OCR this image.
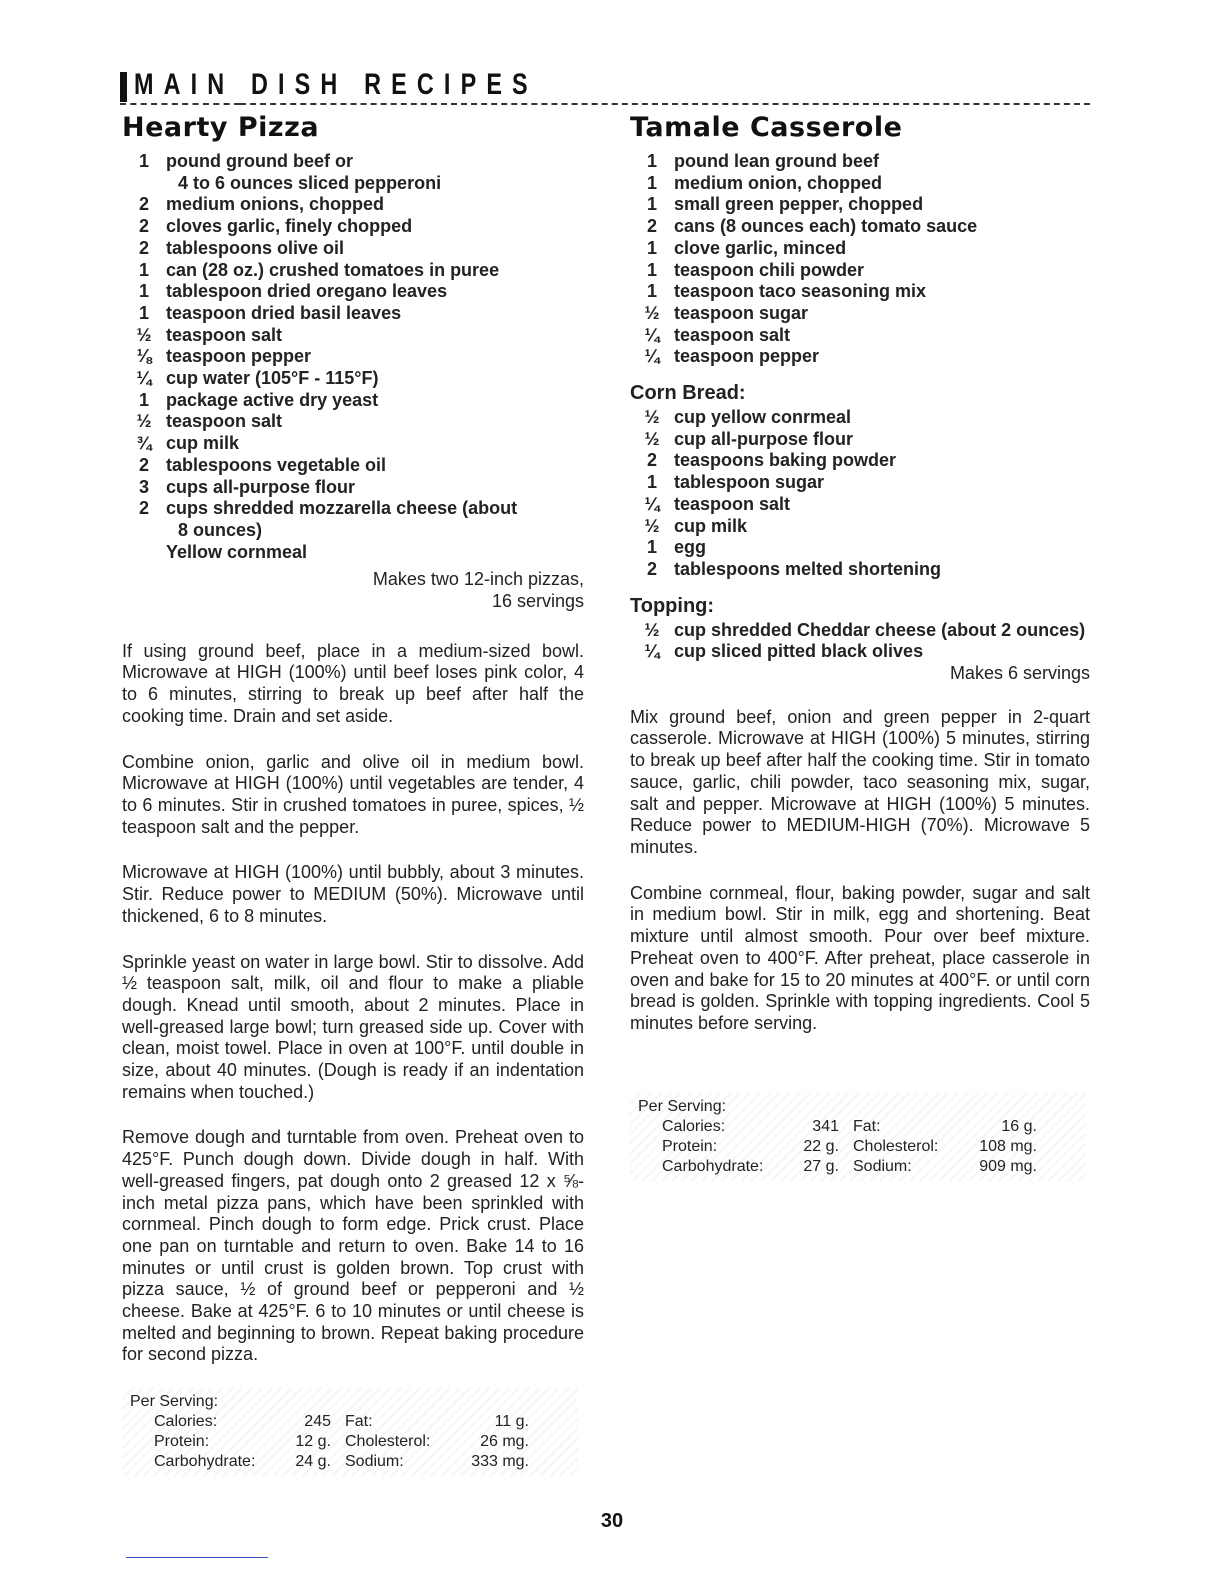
MAIN DISH RECIPES
Hearty Pizza
1 pound ground beef or
4 to 6 ounces sliced pepperoni
2 medium onions, chopped
2 cloves garlic, finely chopped
2 tablespoons olive oil
1 can (28 oz.) crushed tomatoes in puree
1 tablespoon dried oregano leaves
1 teaspoon dried basil leaves
½ teaspoon salt
⅛ teaspoon pepper
¼ cup water (105°F - 115°F)
1 package active dry yeast
½ teaspoon salt
¾ cup milk
2 tablespoons vegetable oil
3 cups all-purpose flour
2 cups shredded mozzarella cheese (about
8 ounces)
Yellow cornmeal
Makes two 12-inch pizzas,
16 servings

If using ground beef, place in a medium-sized bowl. Microwave at HIGH (100%) until beef loses pink color, 4 to 6 minutes, stirring to break up beef after half the cooking time. Drain and set aside.

Combine onion, garlic and olive oil in medium bowl. Microwave at HIGH (100%) until vegetables are tender, 4 to 6 minutes. Stir in crushed tomatoes in puree, spices, ½ teaspoon salt and the pepper.

Microwave at HIGH (100%) until bubbly, about 3 minutes. Stir. Reduce power to MEDIUM (50%). Microwave until thickened, 6 to 8 minutes.

Sprinkle yeast on water in large bowl. Stir to dissolve. Add ½ teaspoon salt, milk, oil and flour to make a pliable dough. Knead until smooth, about 2 minutes. Place in well-greased large bowl; turn greased side up. Cover with clean, moist towel. Place in oven at 100°F. until double in size, about 40 minutes. (Dough is ready if an indentation remains when touched.)

Remove dough and turntable from oven. Preheat oven to 425°F. Punch dough down. Divide dough in half. With well-greased fingers, pat dough onto 2 greased 12 x ⅝-inch metal pizza pans, which have been sprinkled with cornmeal. Pinch dough to form edge. Prick crust. Place one pan on turntable and return to oven. Bake 14 to 16 minutes or until crust is golden brown. Top crust with pizza sauce, ½ of ground beef or pepperoni and ½ cheese. Bake at 425°F. 6 to 10 minutes or until cheese is melted and beginning to brown. Repeat baking procedure for second pizza.

Per Serving:
Calories:	245 Fat:	11 g.
Protein:	12 g. Cholesterol:	26 mg.
Carbohydrate:	24 g. Sodium:	333 mg.
Tamale Casserole
1 pound lean ground beef
1 medium onion, chopped
1 small green pepper, chopped
2 cans (8 ounces each) tomato sauce
1 clove garlic, minced
1 teaspoon chili powder
1 teaspoon taco seasoning mix
½ teaspoon sugar
¼ teaspoon salt
¼ teaspoon pepper
Corn Bread:
½ cup yellow conrmeal
½ cup all-purpose flour
2 teaspoons baking powder
1 tablespoon sugar
¼ teaspoon salt
½ cup milk
1 egg
2 tablespoons melted shortening
Topping:
½ cup shredded Cheddar cheese (about 2 ounces)
¼ cup sliced pitted black olives
Makes 6 servings

Mix ground beef, onion and green pepper in 2-quart casserole. Microwave at HIGH (100%) 5 minutes, stirring to break up beef after half the cooking time. Stir in tomato sauce, garlic, chili powder, taco seasoning mix, sugar, salt and pepper. Microwave at HIGH (100%) 5 minutes. Reduce power to MEDIUM-HIGH (70%). Microwave 5 minutes.

Combine cornmeal, flour, baking powder, sugar and salt in medium bowl. Stir in milk, egg and shortening. Beat mixture until almost smooth. Pour over beef mixture. Preheat oven to 400°F. After preheat, place casserole in oven and bake for 15 to 20 minutes at 400°F. or until corn bread is golden. Sprinkle with topping ingredients. Cool 5 minutes before serving.

Per Serving:
Calories:	341 Fat:	16 g.
Protein:	22 g. Cholesterol:	108 mg.
Carbohydrate:	27 g. Sodium:	909 mg.
30
